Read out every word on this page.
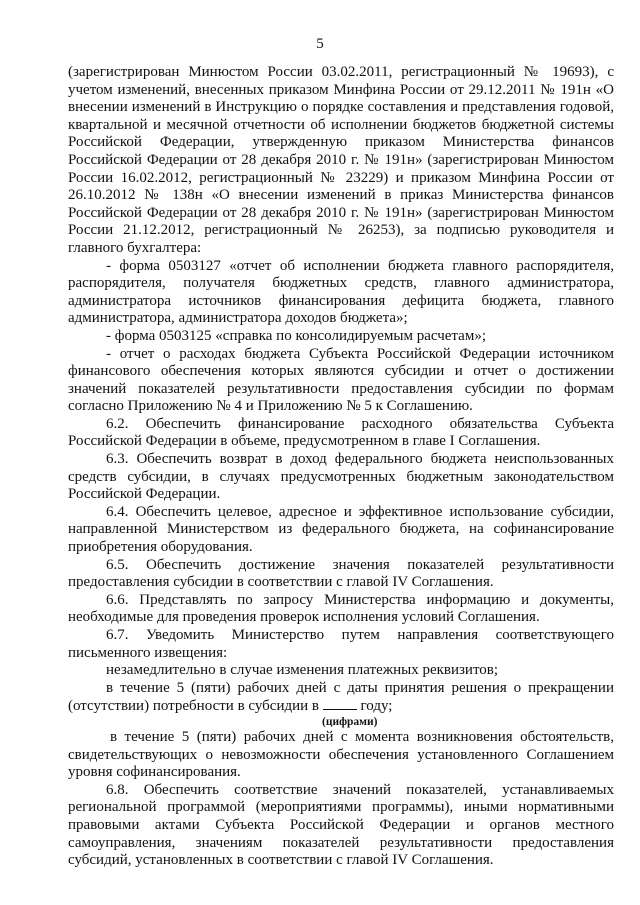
5

(зарегистрирован Минюстом России 03.02.2011, регистрационный № 19693), с учетом изменений, внесенных приказом Минфина России от 29.12.2011 № 191н «О внесении изменений в Инструкцию о порядке составления и представления годовой, квартальной и месячной отчетности об исполнении бюджетов бюджетной системы Российской Федерации, утвержденную приказом Министерства финансов Российской Федерации от 28 декабря 2010 г. № 191н» (зарегистрирован Минюстом России 16.02.2012, регистрационный № 23229) и приказом Минфина России от 26.10.2012 № 138н «О внесении изменений в приказ Министерства финансов Российской Федерации от 28 декабря 2010 г. № 191н» (зарегистрирован Минюстом России 21.12.2012, регистрационный № 26253), за подписью руководителя и главного бухгалтера:

- форма 0503127 «отчет об исполнении бюджета главного распорядителя, распорядителя, получателя бюджетных средств, главного администратора, администратора источников финансирования дефицита бюджета, главного администратора, администратора доходов бюджета»;

- форма 0503125 «справка по консолидируемым расчетам»;

- отчет о расходах бюджета Субъекта Российской Федерации источником финансового обеспечения которых являются субсидии и отчет о достижении значений показателей результативности предоставления субсидии по формам согласно Приложению № 4 и Приложению № 5 к Соглашению.

6.2. Обеспечить финансирование расходного обязательства Субъекта Российской Федерации в объеме, предусмотренном в главе I Соглашения.

6.3. Обеспечить возврат в доход федерального бюджета неиспользованных средств субсидии, в случаях предусмотренных бюджетным законодательством Российской Федерации.

6.4. Обеспечить целевое, адресное и эффективное использование субсидии, направленной Министерством из федерального бюджета, на софинансирование приобретения оборудования.

6.5. Обеспечить достижение значения показателей результативности предоставления субсидии в соответствии с главой IV Соглашения.

6.6. Представлять по запросу Министерства информацию и документы, необходимые для проведения проверок исполнения условий Соглашения.

6.7. Уведомить Министерство путем направления соответствующего письменного извещения:

незамедлительно в случае изменения платежных реквизитов;

в течение 5 (пяти) рабочих дней с даты принятия решения о прекращении (отсутствии) потребности в субсидии в	году;

(цифрами)

в течение 5 (пяти) рабочих дней с момента возникновения обстоятельств, свидетельствующих о невозможности обеспечения установленного Соглашением уровня софинансирования.

6.8. Обеспечить соответствие значений показателей, устанавливаемых региональной программой (мероприятиями программы), иными нормативными правовыми актами Субъекта Российской Федерации и органов местного самоуправления, значениям показателей результативности предоставления субсидий, установленных в соответствии с главой IV Соглашения.
